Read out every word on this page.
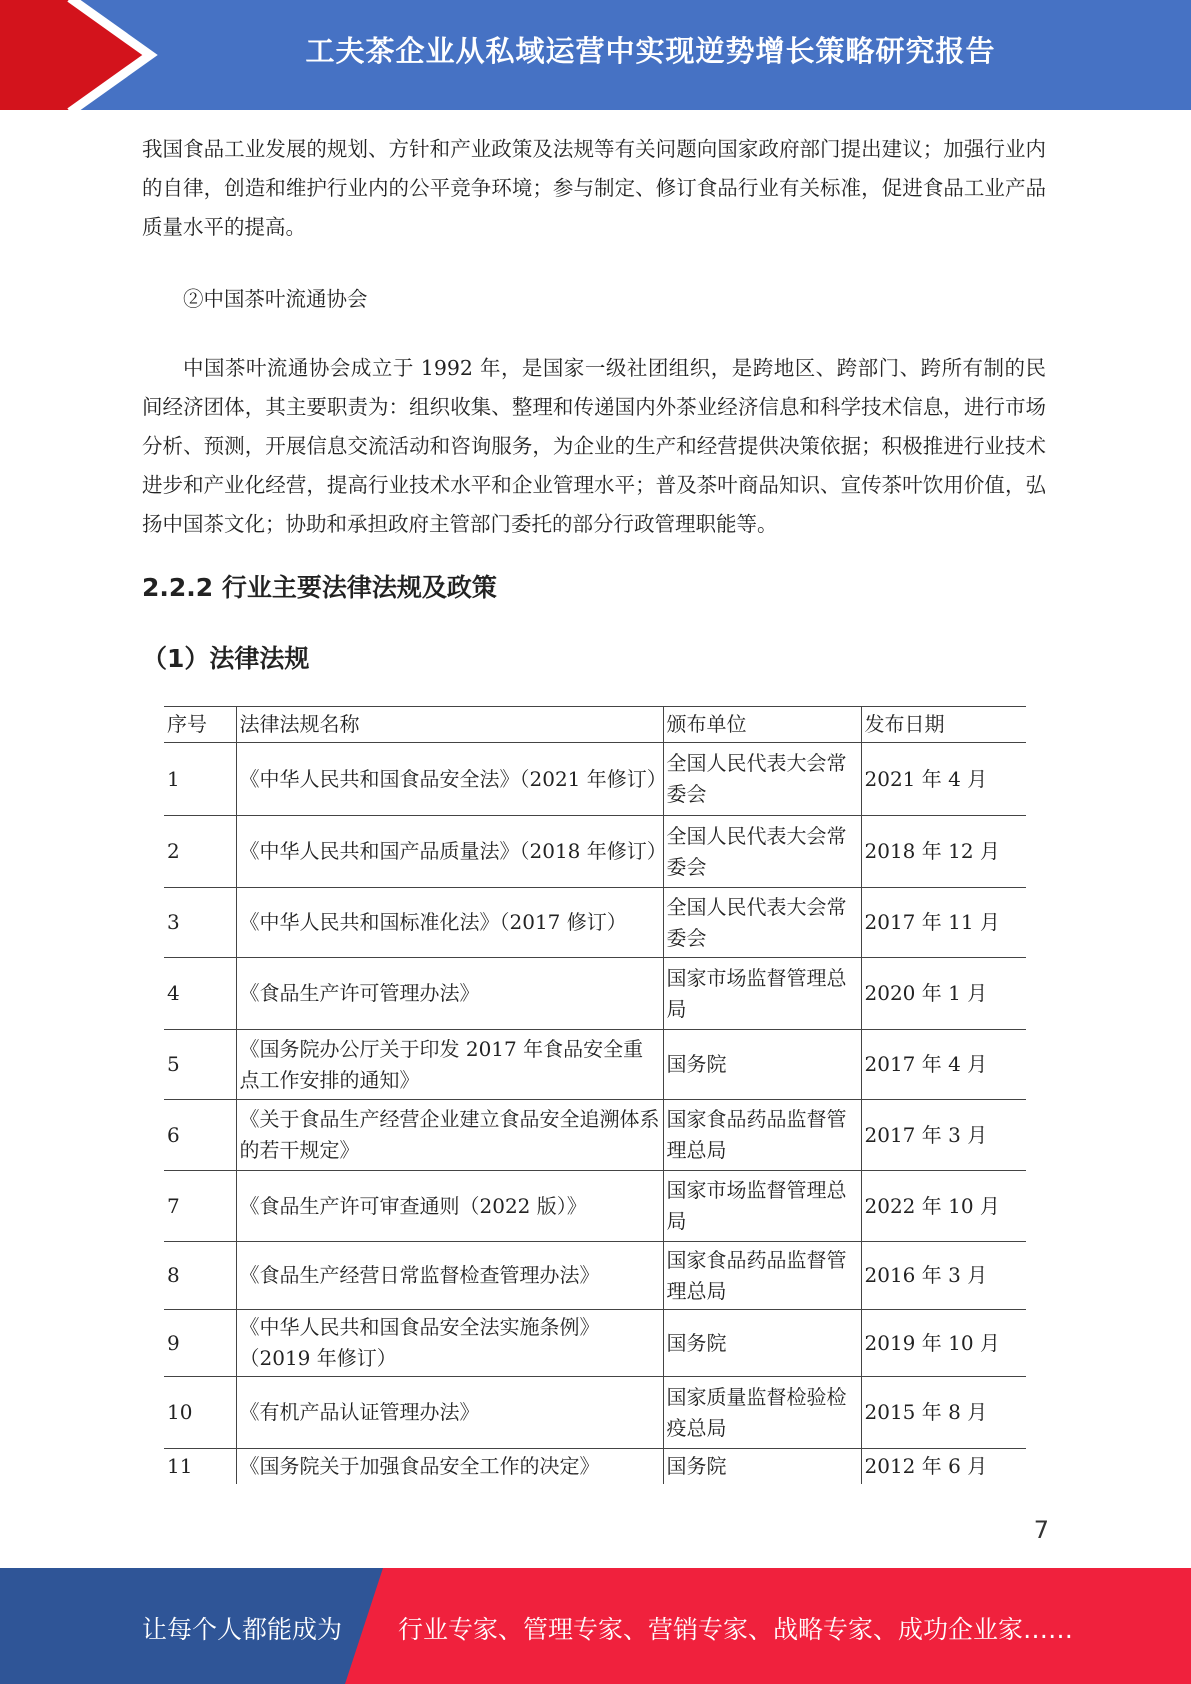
工夫茶企业从私域运营中实现逆势增长策略研究报告

我国食品工业发展的规划、方针和产业政策及法规等有关问题向国家政府部门提出建议；加强行业内的自律，创造和维护行业内的公平竞争环境；参与制定、修订食品行业有关标准，促进食品工业产品质量水平的提高。

②中国茶叶流通协会

中国茶叶流通协会成立于 1992 年，是国家一级社团组织，是跨地区、跨部门、跨所有制的民间经济团体，其主要职责为：组织收集、整理和传递国内外茶业经济信息和科学技术信息，进行市场分析、预测，开展信息交流活动和咨询服务，为企业的生产和经营提供决策依据；积极推进行业技术进步和产业化经营，提高行业技术水平和企业管理水平；普及茶叶商品知识、宣传茶叶饮用价值，弘扬中国茶文化；协助和承担政府主管部门委托的部分行政管理职能等。

2.2.2 行业主要法律法规及政策
（1）法律法规
序号	法律法规名称	颁布单位	发布日期
1	《中华人民共和国食品安全法》（2021 年修订）	全国人民代表大会常委会	2021 年 4 月
2	《中华人民共和国产品质量法》（2018 年修订）	全国人民代表大会常委会	2018 年 12 月
3	《中华人民共和国标准化法》（2017 修订）	全国人民代表大会常委会	2017 年 11 月
4	《食品生产许可管理办法》	国家市场监督管理总局	2020 年 1 月
5	《国务院办公厅关于印发 2017 年食品安全重点工作安排的通知》	国务院	2017 年 4 月
6	《关于食品生产经营企业建立食品安全追溯体系的若干规定》	国家食品药品监督管理总局	2017 年 3 月
7	《食品生产许可审查通则（2022 版）》	国家市场监督管理总局	2022 年 10 月
8	《食品生产经营日常监督检查管理办法》	国家食品药品监督管理总局	2016 年 3 月
9	《中华人民共和国食品安全法实施条例》（2019 年修订）	国务院	2019 年 10 月
10	《有机产品认证管理办法》	国家质量监督检验检疫总局	2015 年 8 月
11	《国务院关于加强食品安全工作的决定》	国务院	2012 年 6 月
7
让每个人都能成为 行业专家、管理专家、营销专家、战略专家、成功企业家……
